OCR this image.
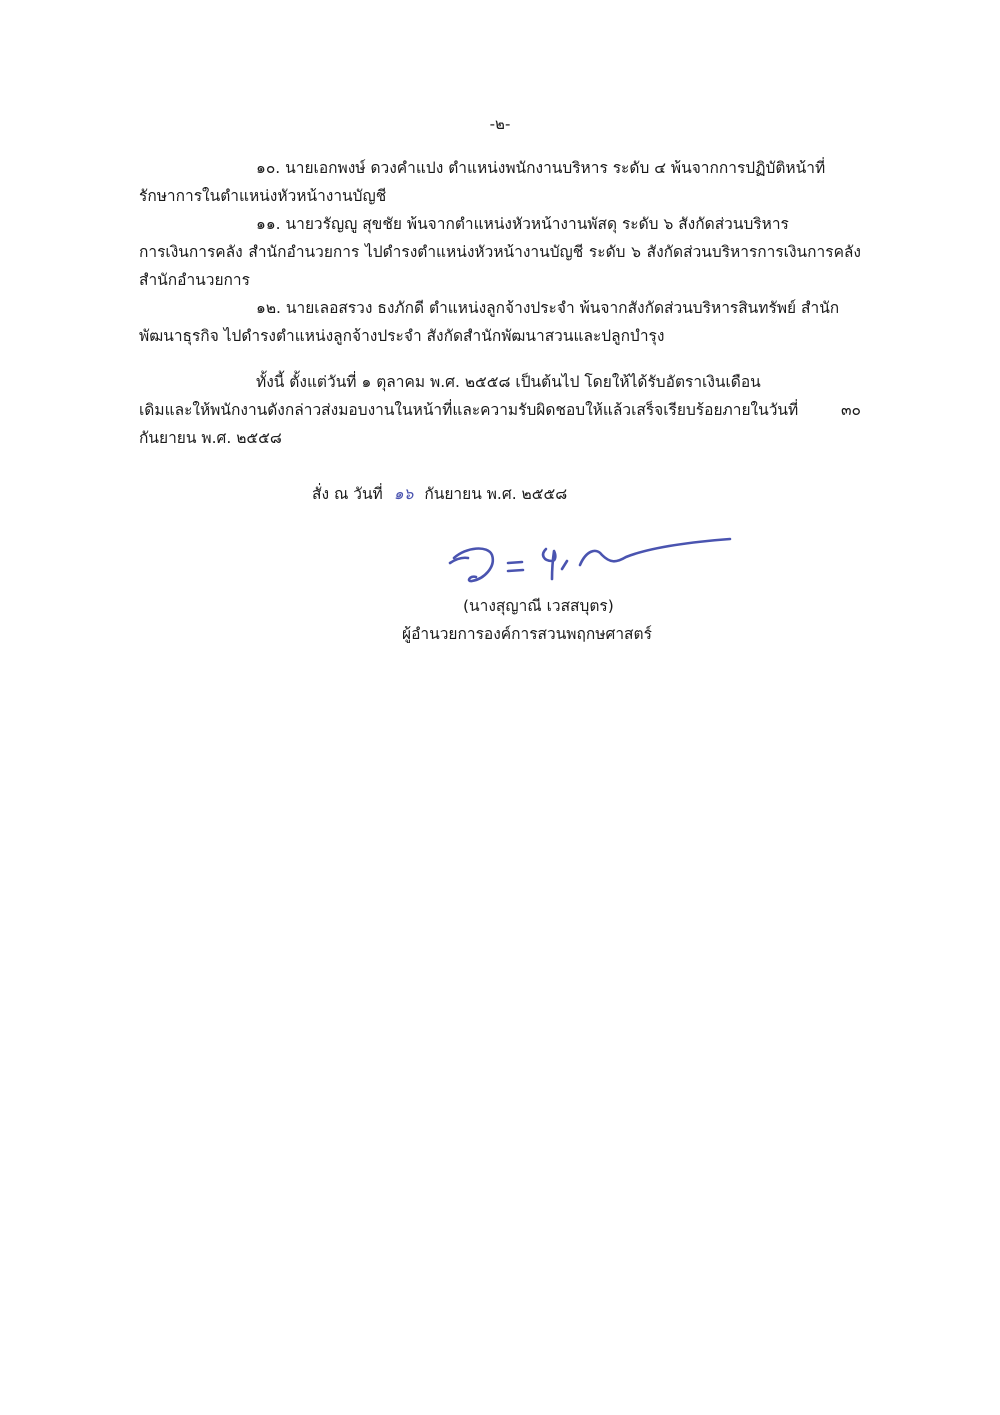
-๒-

๑๐. นายเอกพงษ์ ดวงคำแปง ตำแหน่งพนักงานบริหาร ระดับ ๔ พ้นจากการปฏิบัติหน้าที่
รักษาการในตำแหน่งหัวหน้างานบัญชี

๑๑. นายวรัญญู สุขชัย พ้นจากตำแหน่งหัวหน้างานพัสดุ ระดับ ๖ สังกัดส่วนบริหาร
การเงินการคลัง สำนักอำนวยการ ไปดำรงตำแหน่งหัวหน้างานบัญชี ระดับ ๖ สังกัดส่วนบริหารการเงินการคลัง สำนักอำนวยการ

๑๒. นายเลอสรวง ธงภักดี ตำแหน่งลูกจ้างประจำ พ้นจากสังกัดส่วนบริหารสินทรัพย์ สำนัก
พัฒนาธุรกิจ ไปดำรงตำแหน่งลูกจ้างประจำ สังกัดสำนักพัฒนาสวนและปลูกบำรุง

ทั้งนี้ ตั้งแต่วันที่ ๑ ตุลาคม พ.ศ. ๒๕๕๘ เป็นต้นไป โดยให้ได้รับอัตราเงินเดือน
เดิมและให้พนักงานดังกล่าวส่งมอบงานในหน้าที่และความรับผิดชอบให้แล้วเสร็จเรียบร้อยภายในวันที่ ๓๐ กันยายน พ.ศ. ๒๕๕๘

สั่ง ณ วันที่ ๑๖ กันยายน พ.ศ. ๒๕๕๘
(นางสุญาณี เวสสบุตร)
ผู้อำนวยการองค์การสวนพฤกษศาสตร์
